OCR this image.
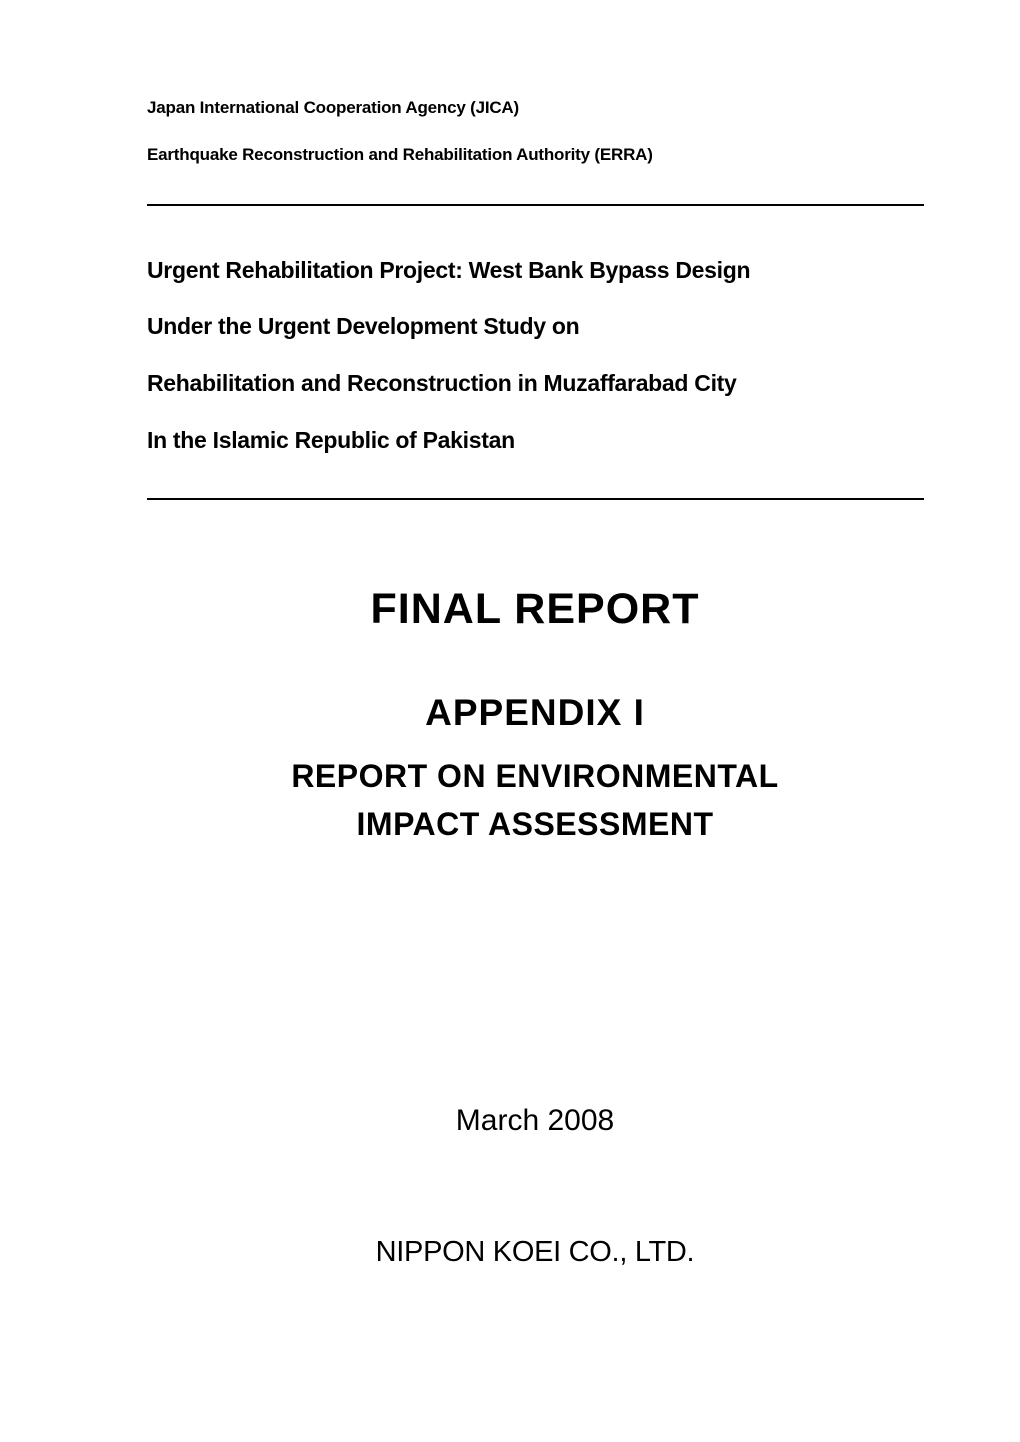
Japan International Cooperation Agency (JICA)
Earthquake Reconstruction and Rehabilitation Authority (ERRA)
Urgent Rehabilitation Project: West Bank Bypass Design
Under the Urgent Development Study on
Rehabilitation and Reconstruction in Muzaffarabad City
In the Islamic Republic of Pakistan
FINAL REPORT
APPENDIX I
REPORT ON ENVIRONMENTAL
IMPACT ASSESSMENT
March 2008
NIPPON KOEI CO., LTD.
